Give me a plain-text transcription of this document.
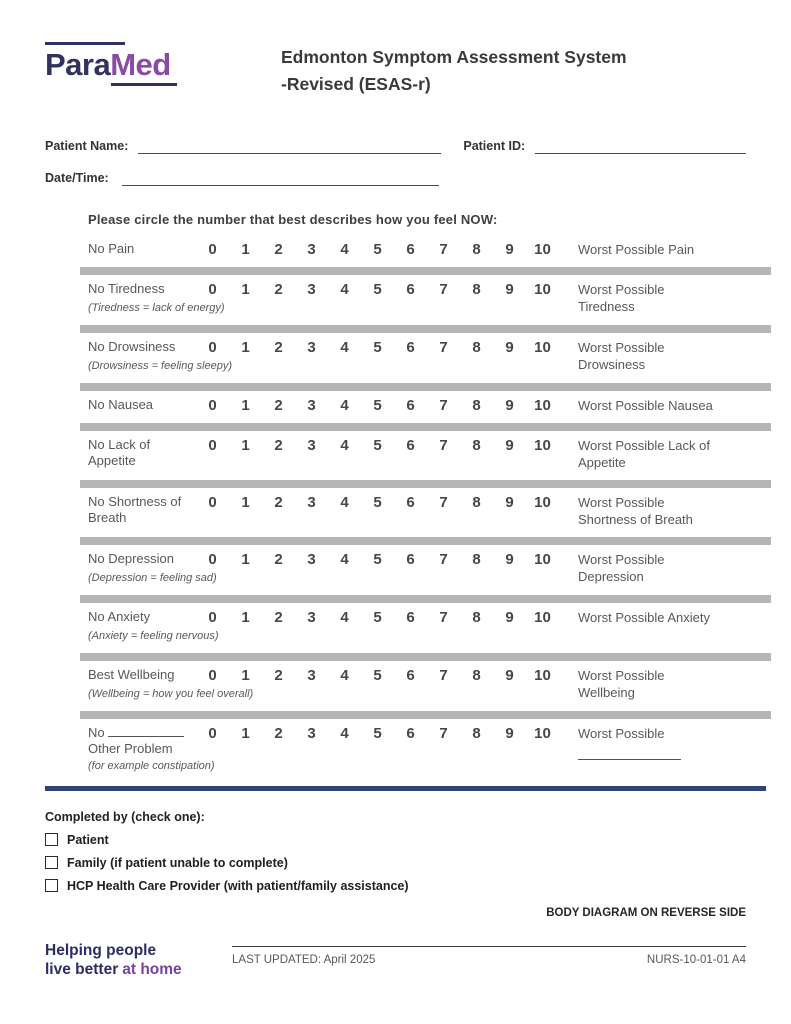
ParaMed	Edmonton Symptom Assessment System
-Revised (ESAS-r)
Patient Name:	Patient ID:
Date/Time:
Please circle the number that best describes how you feel NOW:
No Pain	0	1	2	3	4	5	6	7	8	9	10	Worst Possible Pain
No Tiredness
(Tiredness = lack of energy)
0	1	2	3	4	5	6	7	8	9	10	Worst Possible Tiredness
No Drowsiness
(Drowsiness = feeling sleepy)
0	1	2	3	4	5	6	7	8	9	10	Worst Possible Drowsiness
No Nausea	0	1	2	3	4	5	6	7	8	9	10	Worst Possible Nausea
No Lack of Appetite
0	1	2	3	4	5	6	7	8	9	10	Worst Possible Lack of Appetite
No Shortness of Breath
0	1	2	3	4	5	6	7	8	9	10	Worst Possible Shortness of Breath
No Depression
(Depression = feeling sad)
0	1	2	3	4	5	6	7	8	9	10	Worst Possible Depression
No Anxiety
(Anxiety = feeling nervous)
0	1	2	3	4	5	6	7	8	9	10	Worst Possible Anxiety
Best Wellbeing
(Wellbeing = how you feel overall)
0	1	2	3	4	5	6	7	8	9	10	Worst Possible Wellbeing
No
Other Problem (for example constipation)
0	1	2	3	4	5	6	7	8	9	10	Worst Possible
Completed by (check one):
Patient
Family (if patient unable to complete)
HCP Health Care Provider (with patient/family assistance)
BODY DIAGRAM ON REVERSE SIDE
Helping people
live better at home
LAST UPDATED: April 2025	NURS-10-01-01 A4
